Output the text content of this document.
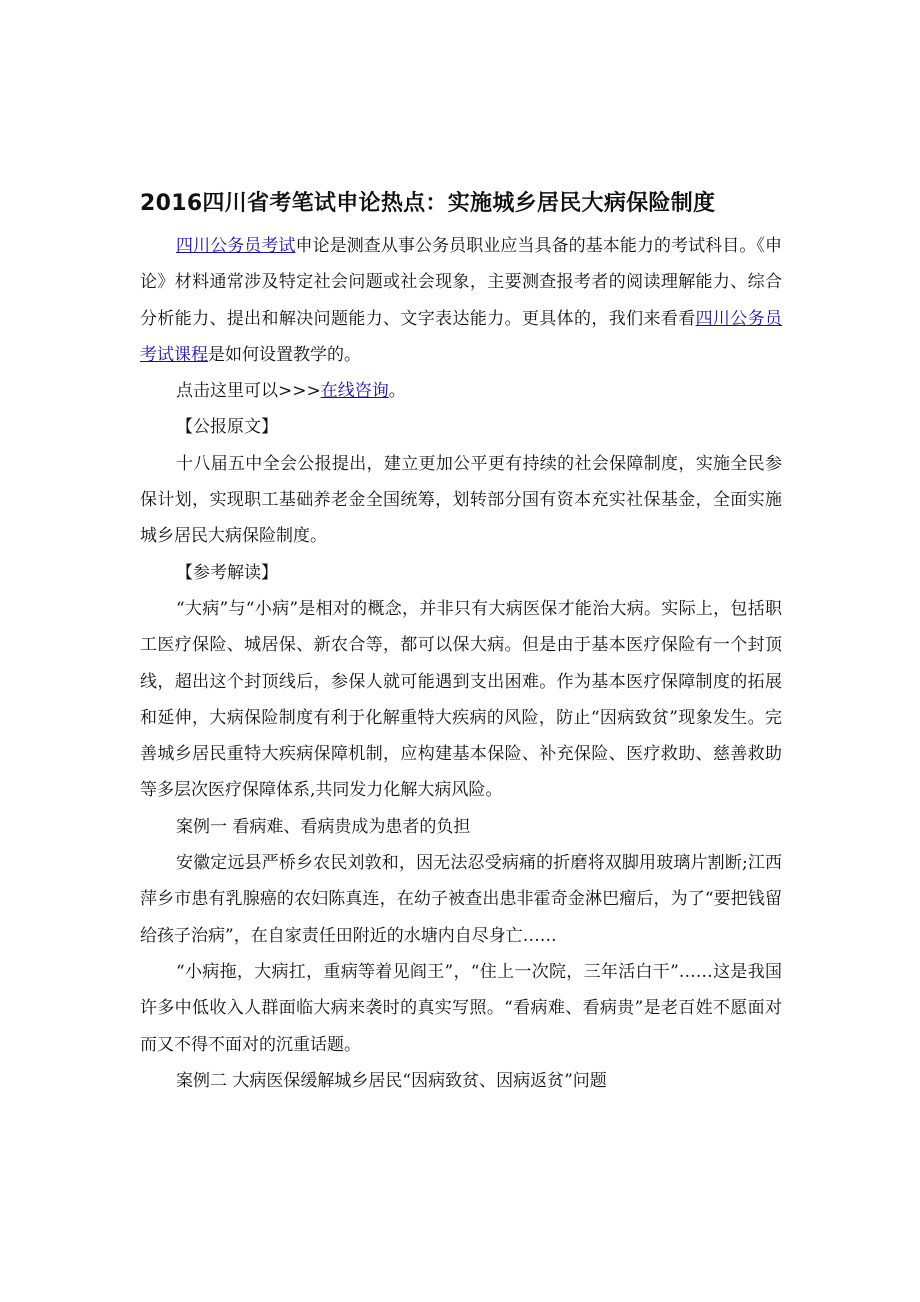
2016四川省考笔试申论热点：实施城乡居民大病保险制度

四川公务员考试申论是测查从事公务员职业应当具备的基本能力的考试科目。《申论》材料通常涉及特定社会问题或社会现象，主要测查报考者的阅读理解能力、综合分析能力、提出和解决问题能力、文字表达能力。更具体的，我们来看看四川公务员考试课程是如何设置教学的。

点击这里可以>>>在线咨询。

【公报原文】

十八届五中全会公报提出，建立更加公平更有持续的社会保障制度，实施全民参保计划，实现职工基础养老金全国统筹，划转部分国有资本充实社保基金，全面实施城乡居民大病保险制度。

【参考解读】

“大病”与“小病”是相对的概念，并非只有大病医保才能治大病。实际上，包括职工医疗保险、城居保、新农合等，都可以保大病。但是由于基本医疗保险有一个封顶线，超出这个封顶线后，参保人就可能遇到支出困难。作为基本医疗保障制度的拓展和延伸，大病保险制度有利于化解重特大疾病的风险，防止“因病致贫”现象发生。完善城乡居民重特大疾病保障机制，应构建基本保险、补充保险、医疗救助、慈善救助等多层次医疗保障体系,共同发力化解大病风险。

案例一 看病难、看病贵成为患者的负担

安徽定远县严桥乡农民刘敦和，因无法忍受病痛的折磨将双脚用玻璃片割断;江西萍乡市患有乳腺癌的农妇陈真连，在幼子被查出患非霍奇金淋巴瘤后，为了“要把钱留给孩子治病”，在自家责任田附近的水塘内自尽身亡……

“小病拖，大病扛，重病等着见阎王”，“住上一次院，三年活白干”……这是我国许多中低收入人群面临大病来袭时的真实写照。“看病难、看病贵”是老百姓不愿面对而又不得不面对的沉重话题。

案例二 大病医保缓解城乡居民“因病致贫、因病返贫”问题
